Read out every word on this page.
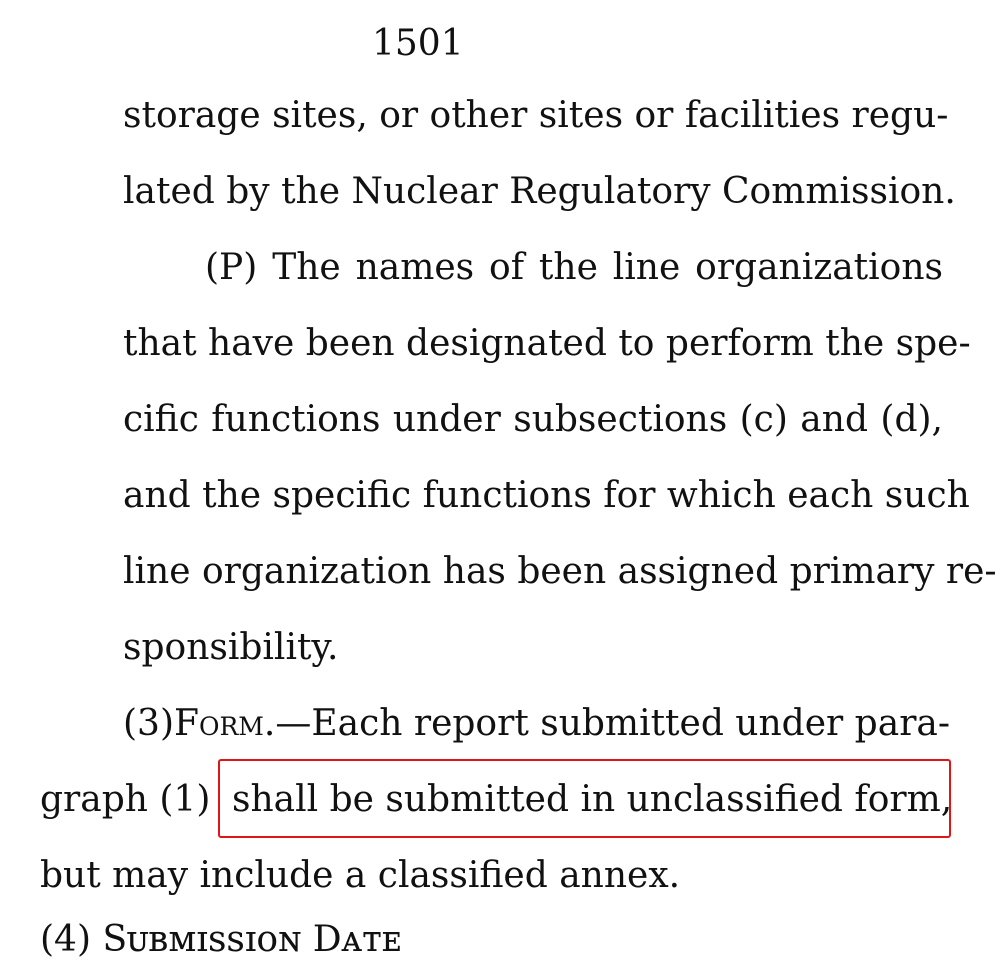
1501
storage sites, or other sites or facilities regu-
lated by the Nuclear Regulatory Commission.
(P) The names of the line organizations
that have been designated to perform the spe-
cific functions under subsections (c) and (d),
and the specific functions for which each such
line organization has been assigned primary re-
sponsibility.
(3) Form. —Each report submitted under para-
graph (1) shall be submitted in unclassified form,
but may include a classified annex.
(4) Sᴜʙᴍɪssɪᴏɴ Dᴀᴛᴇ
